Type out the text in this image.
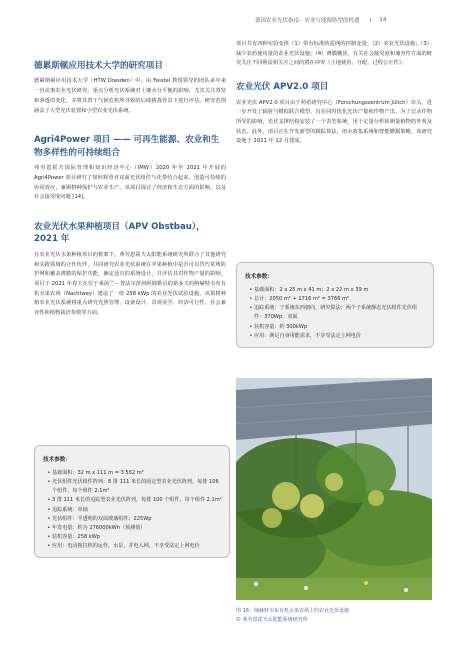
德国农业光伏指南：农业与能源转型的机遇 | 14
德累斯顿应用技术大学的研究项目

德累斯顿应用技术大学（HTW Dresden）中，由 Feistel 教授领导的团队多年来一直从事农业光伏研究，重点分析光伏系统对土壤水分平衡的影响，尤其关注蒸发和渗透的变化，并将其置于气候危机所导致的后续挑战背景下进行评估。研究范围涵盖了大型光伏装置和小型农业光伏系统。

Agri4Power 项目 —— 可再生能源、农业和生物多样性的可持续组合

弗劳恩霍夫国际管理和知识经济中心（IMW）2020 年至 2021 年开展的 Agri4Power 项目研究了如何将垂直双面光伏组件与花带结合起来，创造可持续的协同效应，兼顾物种保护与农业生产。该项目探讨了经济和生态方面的影响，以及社会接受度问题 [14]。

农业光伏水果种植项目（APV Obstbau），2021 年

在农业光伏水果种植项目的框架下，弗劳恩霍夫太阳能系统研究所联合了其他研究和实践领域的合作伙伴，共同研究农业光伏系统在苹果种植中是否可以替代常规防护网和覆盖薄膜的保护功能，确定适宜的系统设计，并评估其对作物产量的影响。项目于 2021 年春天在位于莱茵兰－普法尔茨州阿姆勒县的新多夫的纳赫特韦布有机水果农场（Nachtwey）建设了一座 258 kWp 的农业光伏试验设施。该果树种植农业光伏系统将重点研究光照管理、设备设计、景观美学、经济可行性、社会兼容性和植物栽培参数等方面。

技术参数：
• 基础面积：32 m x 111 m = 3 552 m²
• 光伏组件光伏组件阵列：8 排 111 米长的固定型农业光伏阵列，每排 106 个组件，每个组件 2.1m²
• 3 排 111 米长的追踪型农业光伏阵列，每排 100 个组件，每个组件 2.1m²
• 追踪系统：单轴
• 光伏组件：半透明的双面玻璃组件；225Wp
• 年发电量：约为 276000kWh（预测值）
• 装机容量：258 kWp
• 应用：电动拖拉机的运作，水泵，并电入网，不享受法定上网电价

项目共有四种实验变体（1）带有标准防雹网的控制变量；（2）农业光伏设施；（3）减少农药使用量的农业光伏设施；（4）薄膜棚顶。有关社会接受度和兼容性方面的研究关注不同利益相关方之间的潜在冲突（土地使用、分配、过程公正性）。

农业光伏 APV2.0 项目

农业光伏 APV2.0 项目由于利希研究中心（Forschungszentrum Jülich）牵头，进一步开发了辐射与模拟联合模型，旨在同时优化光伏产量和作物产出。为了记录作物所受的影响，光伏支撑结构安装了一个表型系统，用于定量分析和测量植物的外观及状态。此外，项目正在开发新型的跟踪算法、雨水收集系统和智能灌溉策略。该研究设施于 2021 年 12 月建成。

技术参数：
• 基础面积：2 x 25 m x 41 m；2 x 22 m x 39 m
• 总计：2050 m² + 1716 m² = 3766 m²
• 追踪系统：子系统东西朝向，研究算法；两个子系统静态光伏组件光伏组件：370Wp，双面
• 装机容量：约 300kWp
• 应用：满足自身用能需求，不享受法定上网电价
图 16：纳赫特韦布有机水果农场上的农业光伏设施
© 弗劳恩霍夫太阳能系统研究所
